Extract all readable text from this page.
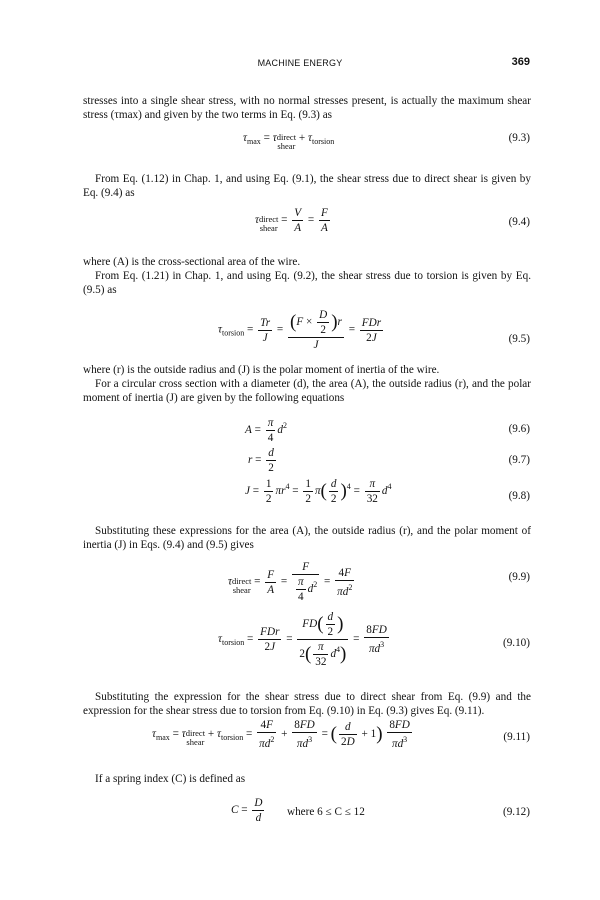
MACHINE ENERGY	369
stresses into a single shear stress, with no normal stresses present, is actually the maximum shear stress (τmax) and given by the two terms in Eq. (9.3) as
$\tau_{max}$ = τdirect
shear + $\tau_{torsion}$	(9.3)
From Eq. (1.12) in Chap. 1, and using Eq. (9.1), the shear stress due to direct shear is given by Eq. (9.4) as
τdirect
shear = $\frac{V}{A} = \frac{F}{A}$	(9.4)
where (A) is the cross-sectional area of the wire.
From Eq. (1.21) in Chap. 1, and using Eq. (9.2), the shear stress due to torsion is given by Eq. (9.5) as
$\tau_{torsion} = \frac{Tr}{J} = \frac{(F \times \frac{D}{2} )r}{J} = \frac{\text{FDr}}{2J}$	(9.5)
where (r) is the outside radius and (J) is the polar moment of inertia of the wire.
For a circular cross section with a diameter (d), the area (A), the outside radius (r), and the polar moment of inertia (J) are given by the following equations
$A = \frac{\pi}{4} d^2$	(9.6)
$r = \frac{d}{2}$	(9.7)
$J = \frac{1}{2} \pi r^4 = \frac{1}{2} \pi( \frac{d}{2} )^4 = \frac{\pi}{32} d^4$
(9.8)
Substituting these expressions for the area (A), the outside radius (r), and the polar moment of inertia (J) in Eqs. (9.4) and (9.5) gives
τdirect
shear = $\frac{F}{A} = \frac{F}{\frac{\pi}{4} d^2} = \frac{4F}{\pi d^2}$	(9.9)
$\tau_{torsion} = \frac{\text{FDr}}{2J} = \frac{FD( \frac{d}{2} )}{2( \frac{\pi}{32} d^4)} = \frac{8FD}{\pi d^3}$	(9.10)
Substituting the expression for the shear stress due to direct shear from Eq. (9.9) and the expression for the shear stress due to torsion from Eq. (9.10) in Eq. (9.3) gives Eq. (9.11).
$\tau_{max}$ = τdirect
shear + $\tau_{torsion} = \frac{4F}{\pi d^2} + \frac{8FD}{\pi d^3}$ = ( $\frac{d}{2D} + 1) \frac{8FD}{\pi d^3}$	(9.11)
If a spring index (C) is defined as
$C = \frac{D}{d}$ where 6 ≤ C ≤ 12	(9.12)
